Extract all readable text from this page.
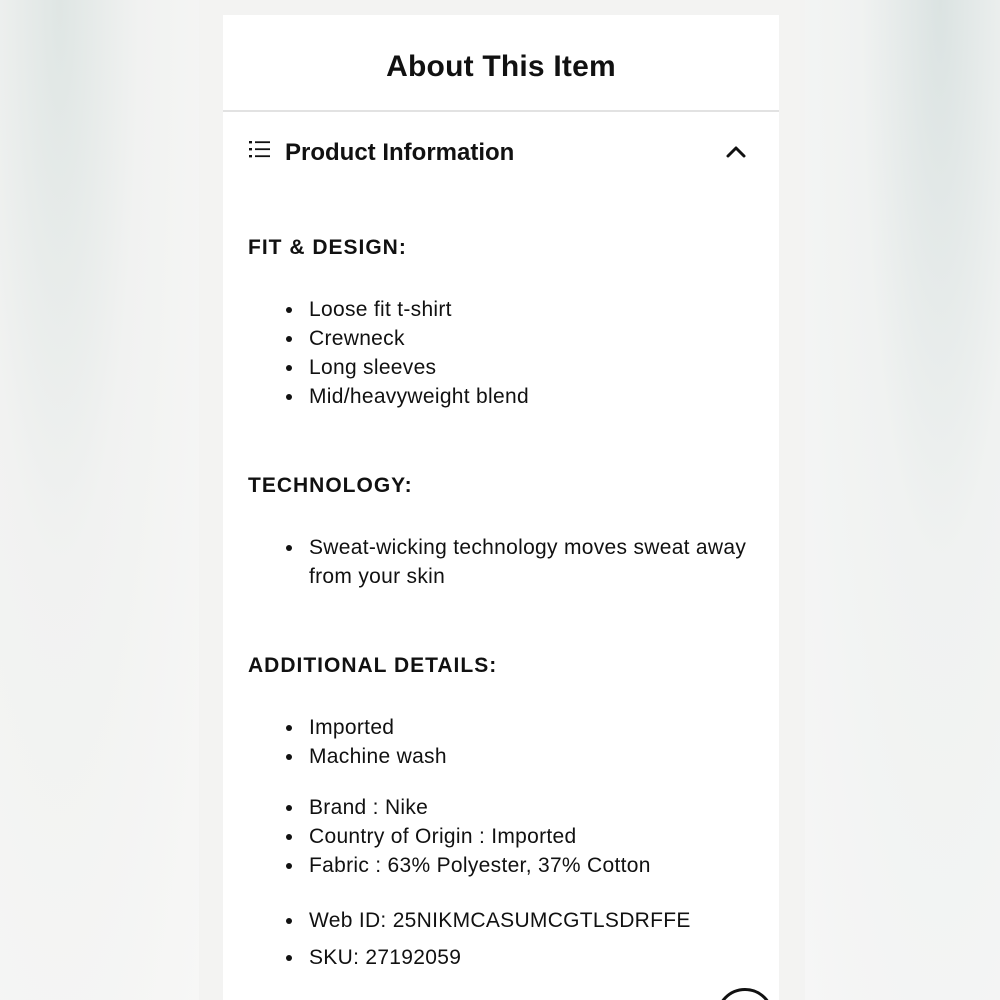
About This Item
Product Information

FIT & DESIGN:

Loose fit t-shirt
Crewneck
Long sleeves
Mid/heavyweight blend

TECHNOLOGY:

Sweat-wicking technology moves sweat away from your skin

ADDITIONAL DETAILS:

Imported
Machine wash
Brand : Nike
Country of Origin : Imported
Fabric : 63% Polyester, 37% Cotton
Web ID: 25NIKMCASUMCGTLSDRFFE
SKU: 27192059
